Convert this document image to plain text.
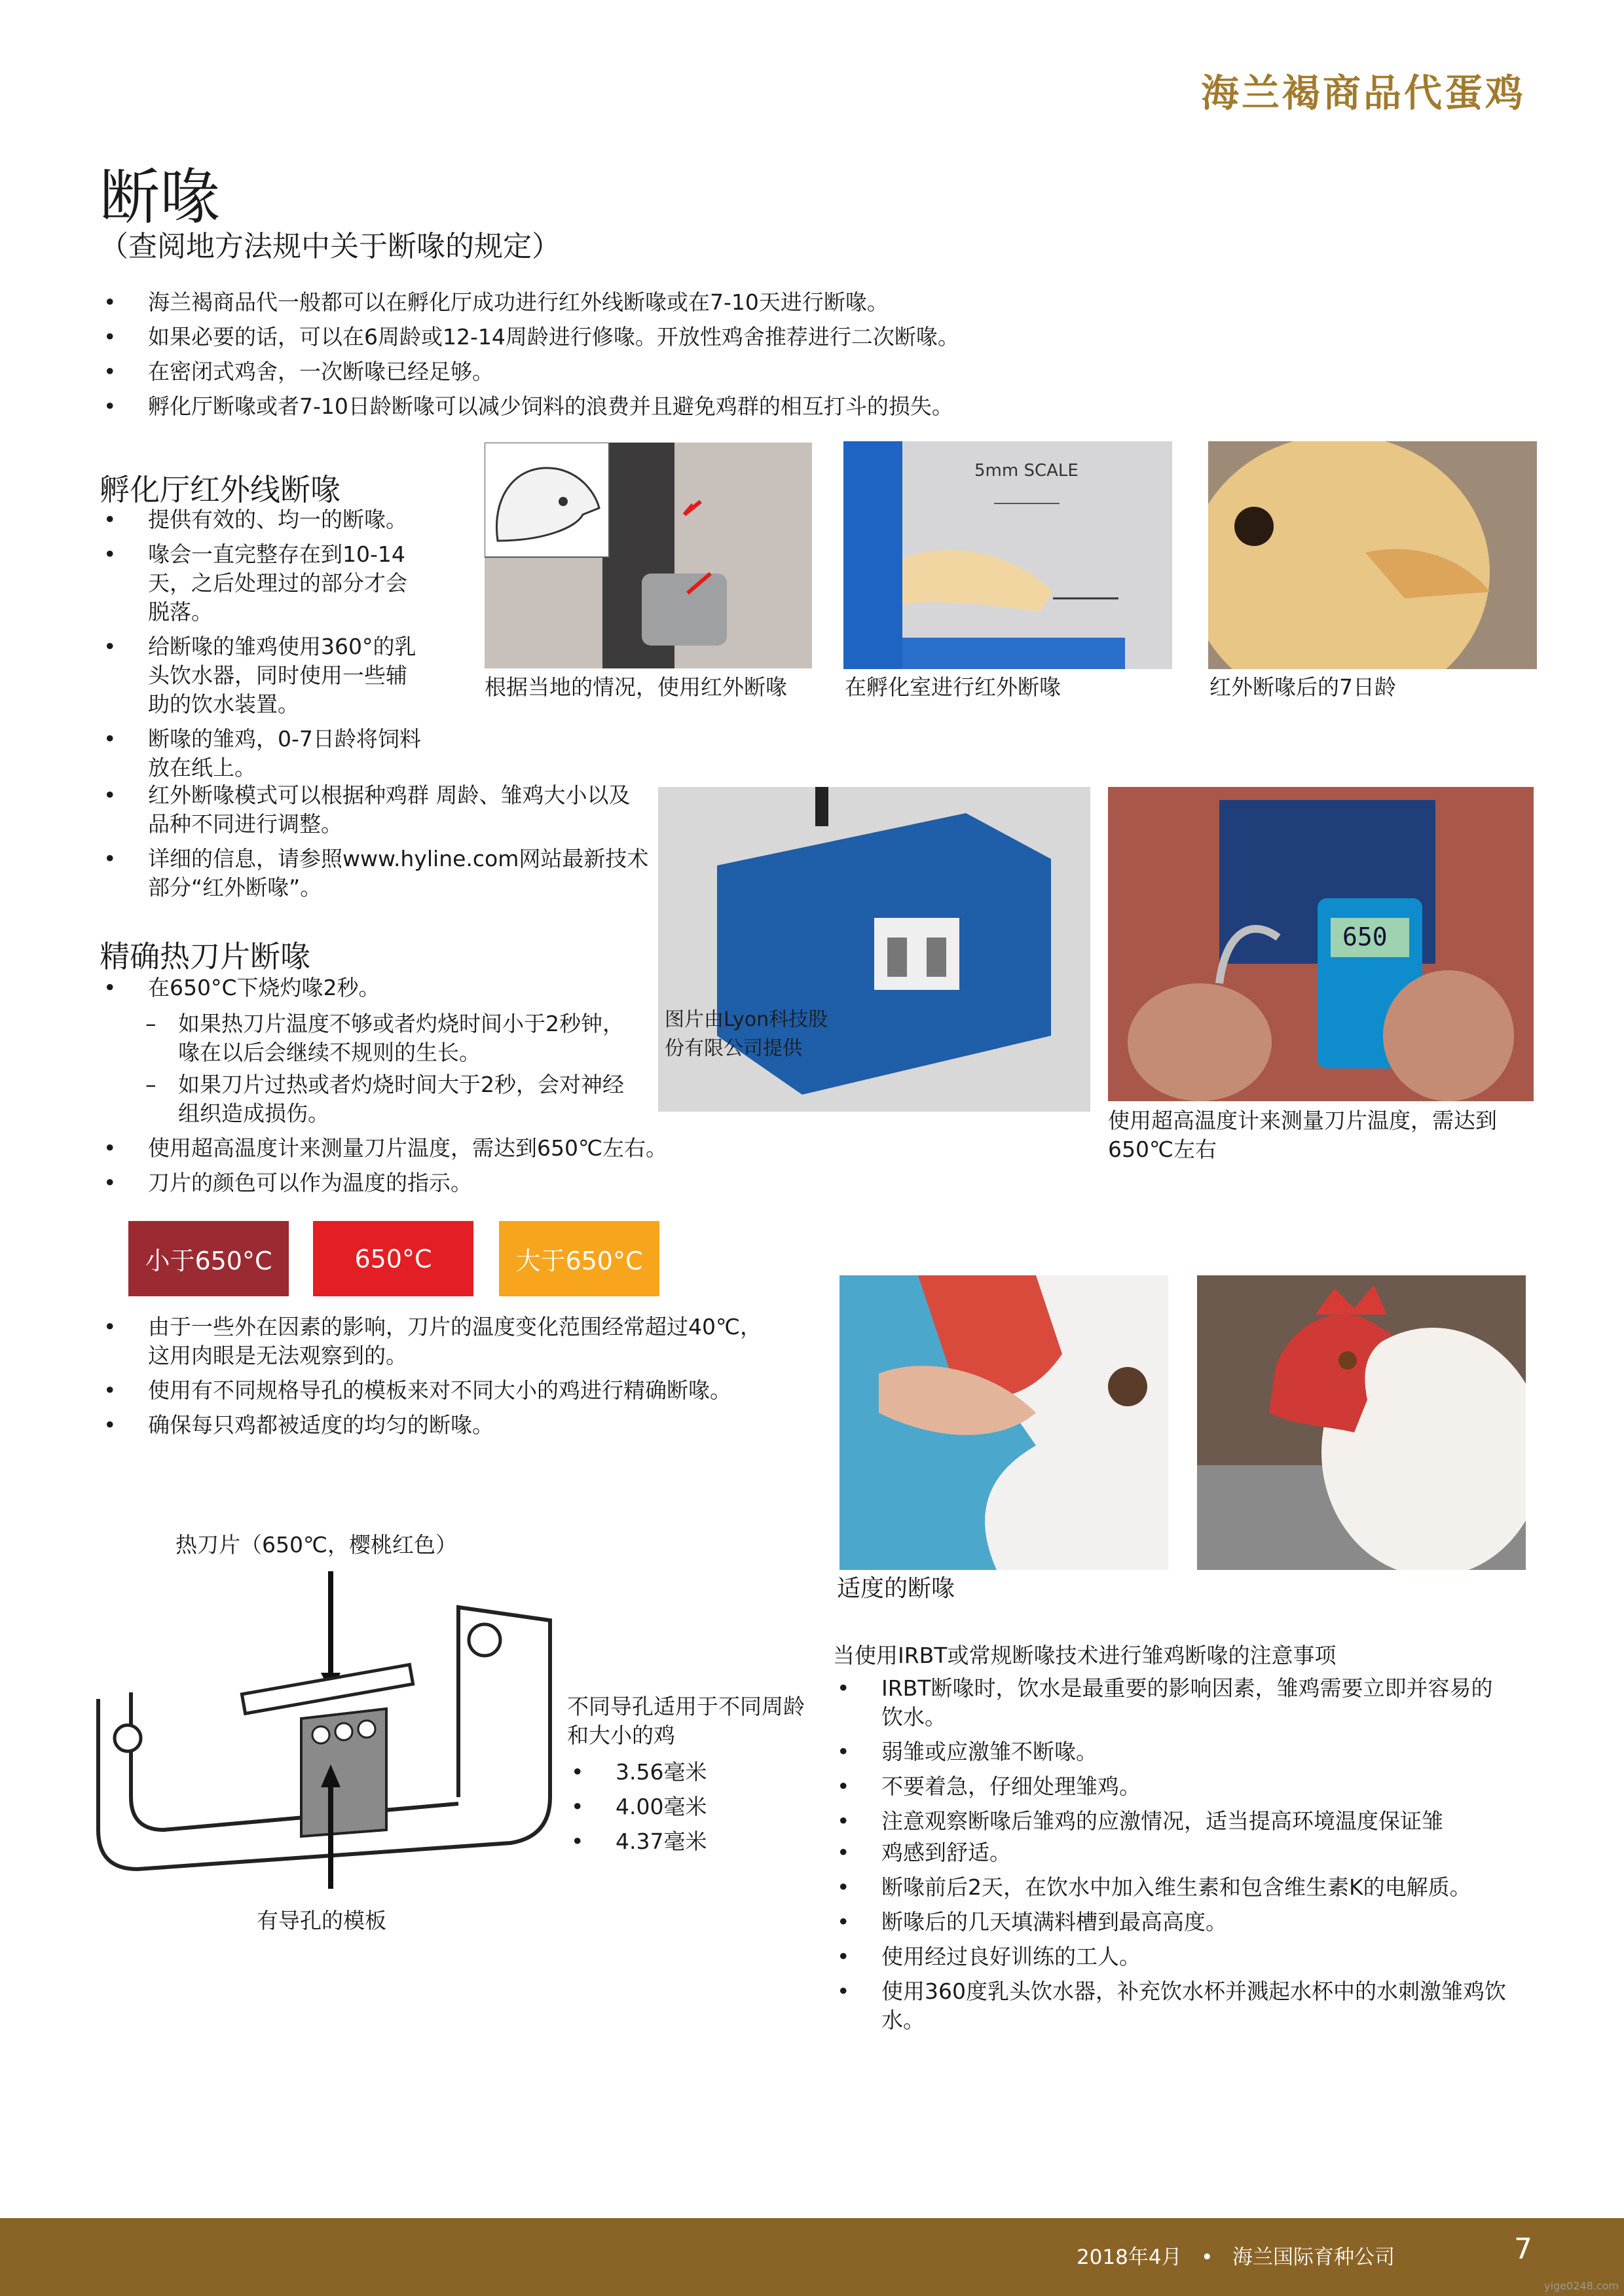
海兰褐商品代蛋鸡
断喙
（查阅地方法规中关于断喙的规定）
• 海兰褐商品代一般都可以在孵化厅成功进行红外线断喙或在7-10天进行断喙。
• 如果必要的话，可以在6周龄或12-14周龄进行修喙。开放性鸡舍推荐进行二次断喙。
• 在密闭式鸡舍，一次断喙已经足够。
• 孵化厅断喙或者7-10日龄断喙可以减少饲料的浪费并且避免鸡群的相互打斗的损失。
孵化厅红外线断喙
• 提供有效的、均一的断喙。
• 喙会一直完整存在到10-14天，之后处理过的部分才会脱落。
• 给断喙的雏鸡使用360°的乳头饮水器，同时使用一些辅助的饮水装置。
• 断喙的雏鸡，0-7日龄将饲料放在纸上。
• 红外断喙模式可以根据种鸡群 周龄、雏鸡大小以及品种不同进行调整。
• 详细的信息，请参照www.hyline.com网站最新技术部分“红外断喙”。
根据当地的情况，使用红外断喙
5mm SCALE
在孵化室进行红外断喙	红外断喙后的7日龄
图片由Lyon科技股份有限公司提供
650
使用超高温度计来测量刀片温度，需达到650℃左右
精确热刀片断喙
• 在650°C下烧灼喙2秒。
–	如果热刀片温度不够或者灼烧时间小于2秒钟，喙在以后会继续不规则的生长。
–	如果刀片过热或者灼烧时间大于2秒，会对神经组织造成损伤。
• 使用超高温度计来测量刀片温度，需达到650℃左右。
• 刀片的颜色可以作为温度的指示。
小于650°C	650°C	大于650°C
• 由于一些外在因素的影响，刀片的温度变化范围经常超过40℃，这用肉眼是无法观察到的。
• 使用有不同规格导孔的模板来对不同大小的鸡进行精确断喙。
• 确保每只鸡都被适度的均匀的断喙。
热刀片（650℃，樱桃红色）
有导孔的模板
不同导孔适用于不同周龄和大小的鸡
• 3.56毫米
• 4.00毫米
• 4.37毫米
适度的断喙
当使用IRBT或常规断喙技术进行雏鸡断喙的注意事项
• IRBT断喙时，饮水是最重要的影响因素，雏鸡需要立即并容易的饮水。
• 弱雏或应激雏不断喙。
• 不要着急，仔细处理雏鸡。
• 注意观察断喙后雏鸡的应激情况，适当提高环境温度保证雏
• 鸡感到舒适。
• 断喙前后2天，在饮水中加入维生素和包含维生素K的电解质。
• 断喙后的几天填满料槽到最高高度。
• 使用经过良好训练的工人。
• 使用360度乳头饮水器，补充饮水杯并溅起水杯中的水刺激雏鸡饮水。
2018年4月 • 海兰国际育种公司	7
yige0248.com
